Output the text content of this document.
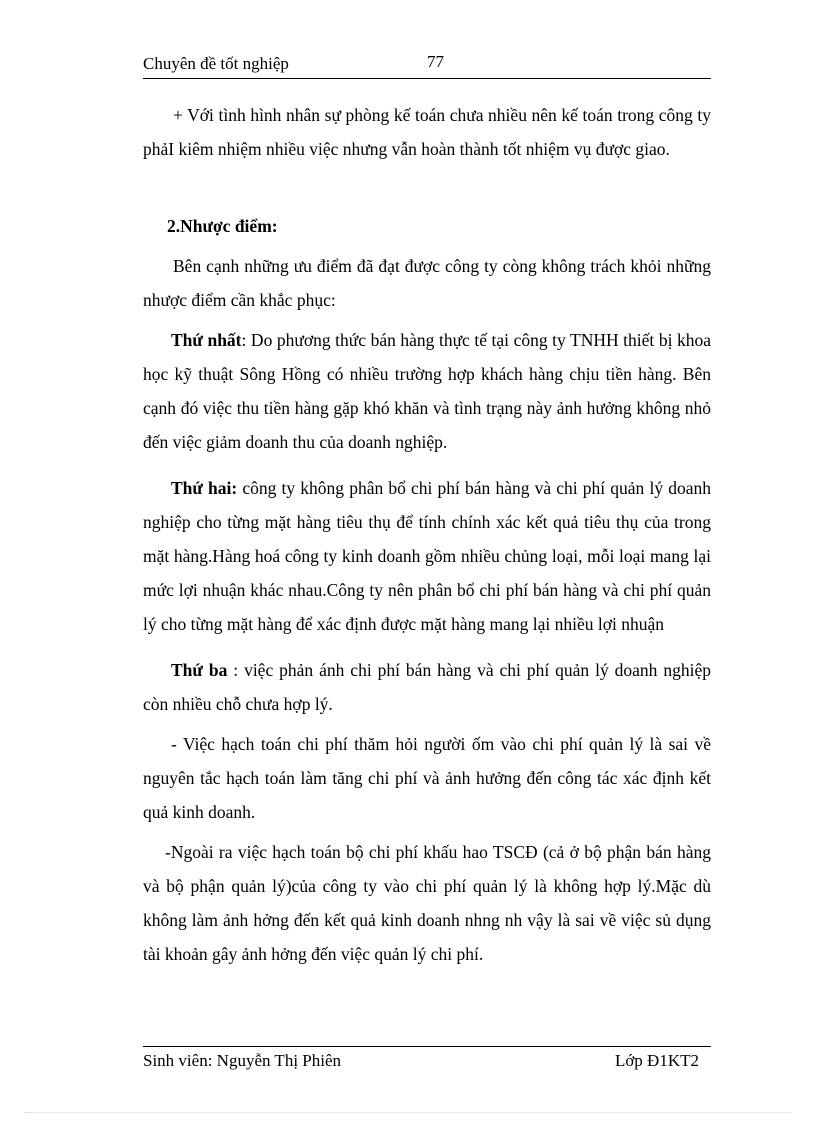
Chuyên đề tốt nghiệp	77

+ Với tình hình nhân sự phòng kế toán chưa nhiều nên kế toán trong công ty phảI kiêm nhiệm nhiều việc nhưng vẫn hoàn thành tốt nhiệm vụ được giao.

2.Nhược điểm:

Bên cạnh những ưu điểm đã đạt được công ty còng không trách khỏi những nhược điểm cần khắc phục:

Thứ nhất: Do phương thức bán hàng thực tế tại công ty TNHH thiết bị khoa học kỹ thuật Sông Hồng có nhiều trường hợp khách hàng chịu tiền hàng. Bên cạnh đó việc thu tiền hàng gặp khó khăn và tình trạng này ảnh hưởng không nhỏ đến việc giảm doanh thu của doanh nghiệp.

Thứ hai: công ty không phân bổ chi phí bán hàng và chi phí quản lý doanh nghiệp cho từng mặt hàng tiêu thụ để tính chính xác kết quả tiêu thụ của trong mặt hàng.Hàng hoá công ty kinh doanh gồm nhiều chủng loại, mỗi loại mang lại mức lợi nhuận khác nhau.Công ty nên phân bổ chi phí bán hàng và chi phí quản lý cho từng mặt hàng để xác định được mặt hàng mang lại nhiều lợi nhuận

Thứ ba : việc phản ánh chi phí bán hàng và chi phí quản lý doanh nghiệp còn nhiều chỗ chưa hợp lý.

- Việc hạch toán chi phí thăm hỏi người ốm vào chi phí quản lý là sai về nguyên tắc hạch toán làm tăng chi phí và ảnh hưởng đến công tác xác định kết quả kinh doanh.

-Ngoài ra việc hạch toán bộ chi phí khấu hao TSCĐ (cả ở bộ phận bán hàng và bộ phận quản lý)của công ty vào chi phí quản lý là không hợp lý.Mặc dù không làm ảnh hởng đến kết quả kinh doanh nhng nh vậy là sai về việc sủ dụng tài khoản gây ảnh hởng đến việc quản lý chi phí.

Sinh viên: Nguyễn Thị Phiên	Lớp Đ1KT2
